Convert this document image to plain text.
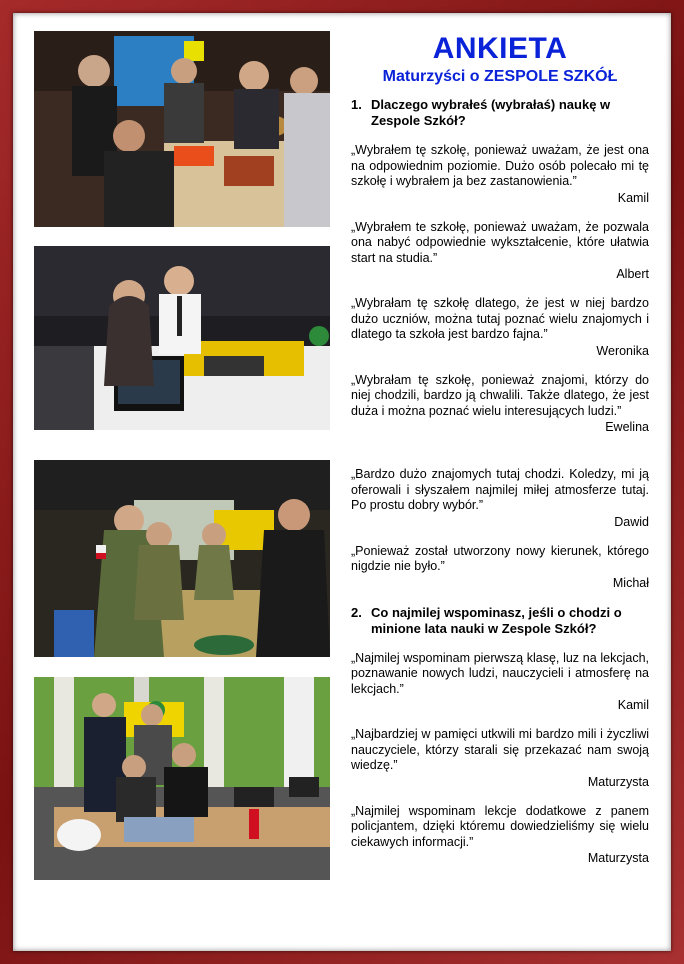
ANKIETA
Maturzyści o ZESPOLE SZKÓŁ
1. Dlaczego wybrałeś (wybrałaś) naukę w Zespole Szkół?

„Wybrałem tę szkołę, ponieważ uważam, że jest ona na odpowiednim poziomie. Dużo osób polecało mi tę szkołę i wybrałem ja bez zastanowienia.”

Kamil

„Wybrałem te szkołę, ponieważ uważam, że pozwala ona nabyć odpowiednie wykształcenie, które ułatwia start na studia.”

Albert

„Wybrałam tę szkołę dlatego, że jest w niej bardzo dużo uczniów, można tutaj poznać wielu znajomych i dlatego ta szkoła jest bardzo fajna.”

Weronika

„Wybrałam tę szkołę, ponieważ znajomi, którzy do niej chodzili, bardzo ją chwalili. Także dlatego, że jest duża i można poznać wielu interesujących ludzi.”

Ewelina

„Bardzo dużo znajomych tutaj chodzi. Koledzy, mi ją oferowali i słyszałem najmilej miłej atmosferze tutaj. Po prostu dobry wybór.”

Dawid

„Ponieważ został utworzony nowy kierunek, którego nigdzie nie było.”

Michał
2. Co najmilej wspominasz, jeśli o chodzi o minione lata nauki w Zespole Szkół?

„Najmilej wspominam pierwszą klasę, luz na lekcjach, poznawanie nowych ludzi, nauczycieli i atmosferę na lekcjach.”

Kamil

„Najbardziej w pamięci utkwili mi bardzo mili i życzliwi nauczyciele, którzy starali się przekazać nam swoją wiedzę.”

Maturzysta

„Najmilej wspominam lekcje dodatkowe z panem policjantem, dzięki któremu dowiedzieliśmy się wielu ciekawych informacji.”

Maturzysta
